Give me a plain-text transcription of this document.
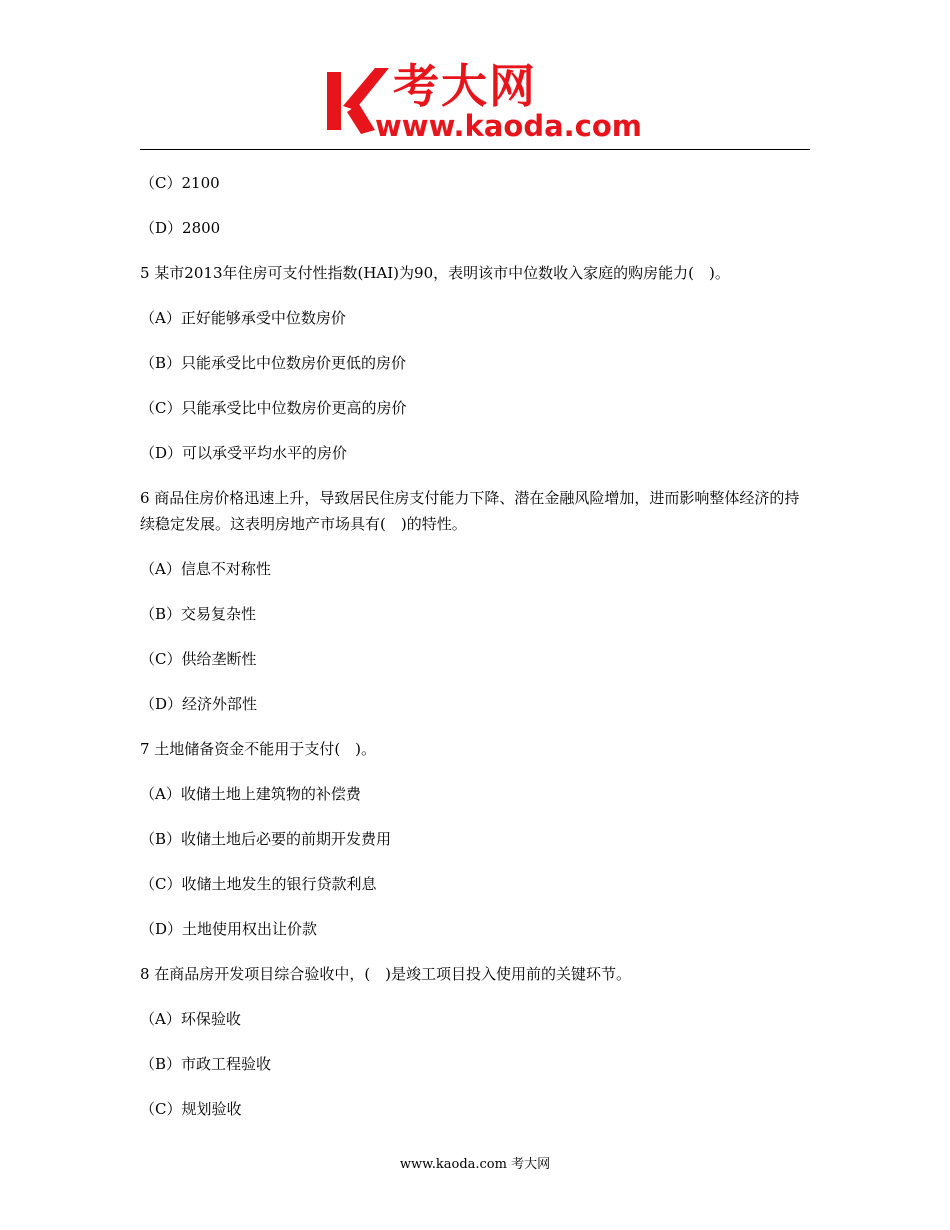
考大网
www.kaoda.com

（C）2100

（D）2800

5 某市2013年住房可支付性指数(HAI)为90，表明该市中位数收入家庭的购房能力(　)。

（A）正好能够承受中位数房价

（B）只能承受比中位数房价更低的房价

（C）只能承受比中位数房价更高的房价

（D）可以承受平均水平的房价

6 商品住房价格迅速上升，导致居民住房支付能力下降、潜在金融风险增加，进而影响整体经济的持续稳定发展。这表明房地产市场具有(　)的特性。

（A）信息不对称性

（B）交易复杂性

（C）供给垄断性

（D）经济外部性

7 土地储备资金不能用于支付(　)。

（A）收储土地上建筑物的补偿费

（B）收储土地后必要的前期开发费用

（C）收储土地发生的银行贷款利息

（D）土地使用权出让价款

8 在商品房开发项目综合验收中，(　)是竣工项目投入使用前的关键环节。

（A）环保验收

（B）市政工程验收

（C）规划验收

www.kaoda.com 考大网
